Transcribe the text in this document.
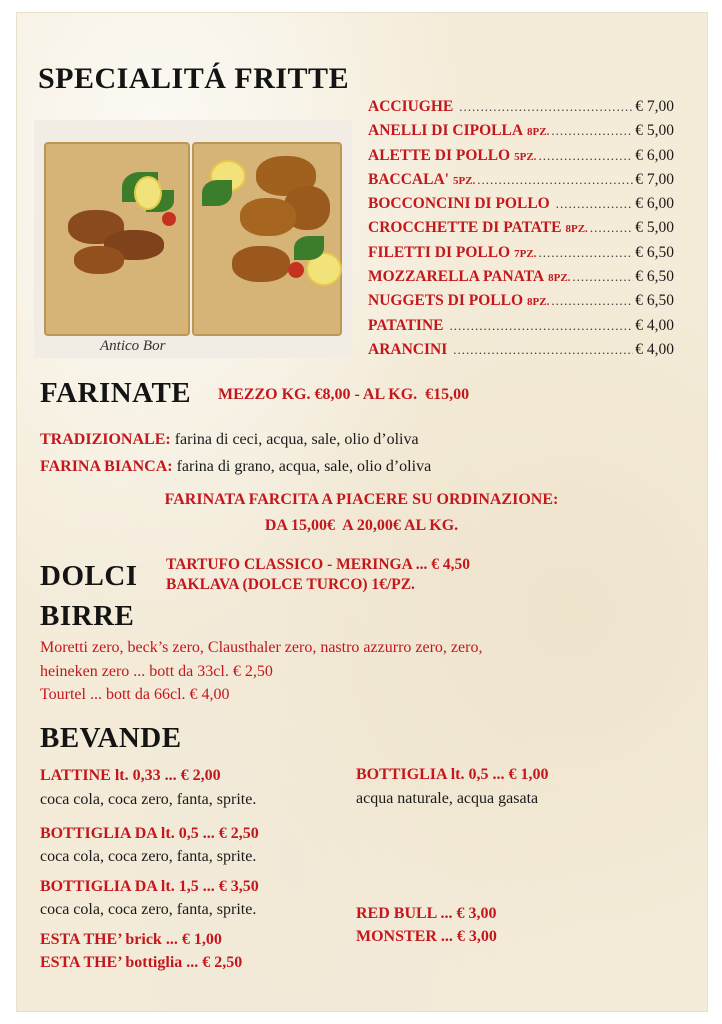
SPECIALITÁ FRITTE
Antico Bor
ACCIUGHE .....	€ 7,00
ANELLI DI CIPOLLA 8PZ. .....	€ 5,00
ALETTE DI POLLO 5PZ. .....	€ 6,00
BACCALA' 5PZ. .....	€ 7,00
BOCCONCINI DI POLLO .....	€ 6,00
CROCCHETTE DI PATATE 8PZ. .....	€ 5,00
FILETTI DI POLLO 7PZ. .....	€ 6,50
MOZZARELLA PANATA 8PZ. .....	€ 6,50
NUGGETS DI POLLO 8PZ. .....	€ 6,50
PATATINE .....	€ 4,00
ARANCINI .....	€ 4,00
FARINATE MEZZO KG. €8,00 - AL KG.  €15,00
TRADIZIONALE: farina di ceci, acqua, sale, olio d’oliva
FARINA BIANCA: farina di grano, acqua, sale, olio d’oliva
FARINATA FARCITA A PIACERE SU ORDINAZIONE:
DA 15,00€  A 20,00€ AL KG.
DOLCI TARTUFO CLASSICO - MERINGA ... € 4,50
BAKLAVA (DOLCE TURCO) 1€/PZ.
BIRRE
Moretti zero, beck’s zero, Clausthaler zero, nastro azzurro zero, zero,
heineken zero ... bott da 33cl. € 2,50
Tourtel ... bott da 66cl. € 4,00
BEVANDE
LATTINE lt. 0,33 ... € 2,00
coca cola, coca zero, fanta, sprite.
BOTTIGLIA DA lt. 0,5 ... € 2,50
coca cola, coca zero, fanta, sprite.
BOTTIGLIA DA lt. 1,5 ... € 3,50
coca cola, coca zero, fanta, sprite.
ESTA THE’ brick ... € 1,00
ESTA THE’ bottiglia ... € 2,50
BOTTIGLIA lt. 0,5 ... € 1,00
acqua naturale, acqua gasata
RED BULL ... € 3,00
MONSTER ... € 3,00
